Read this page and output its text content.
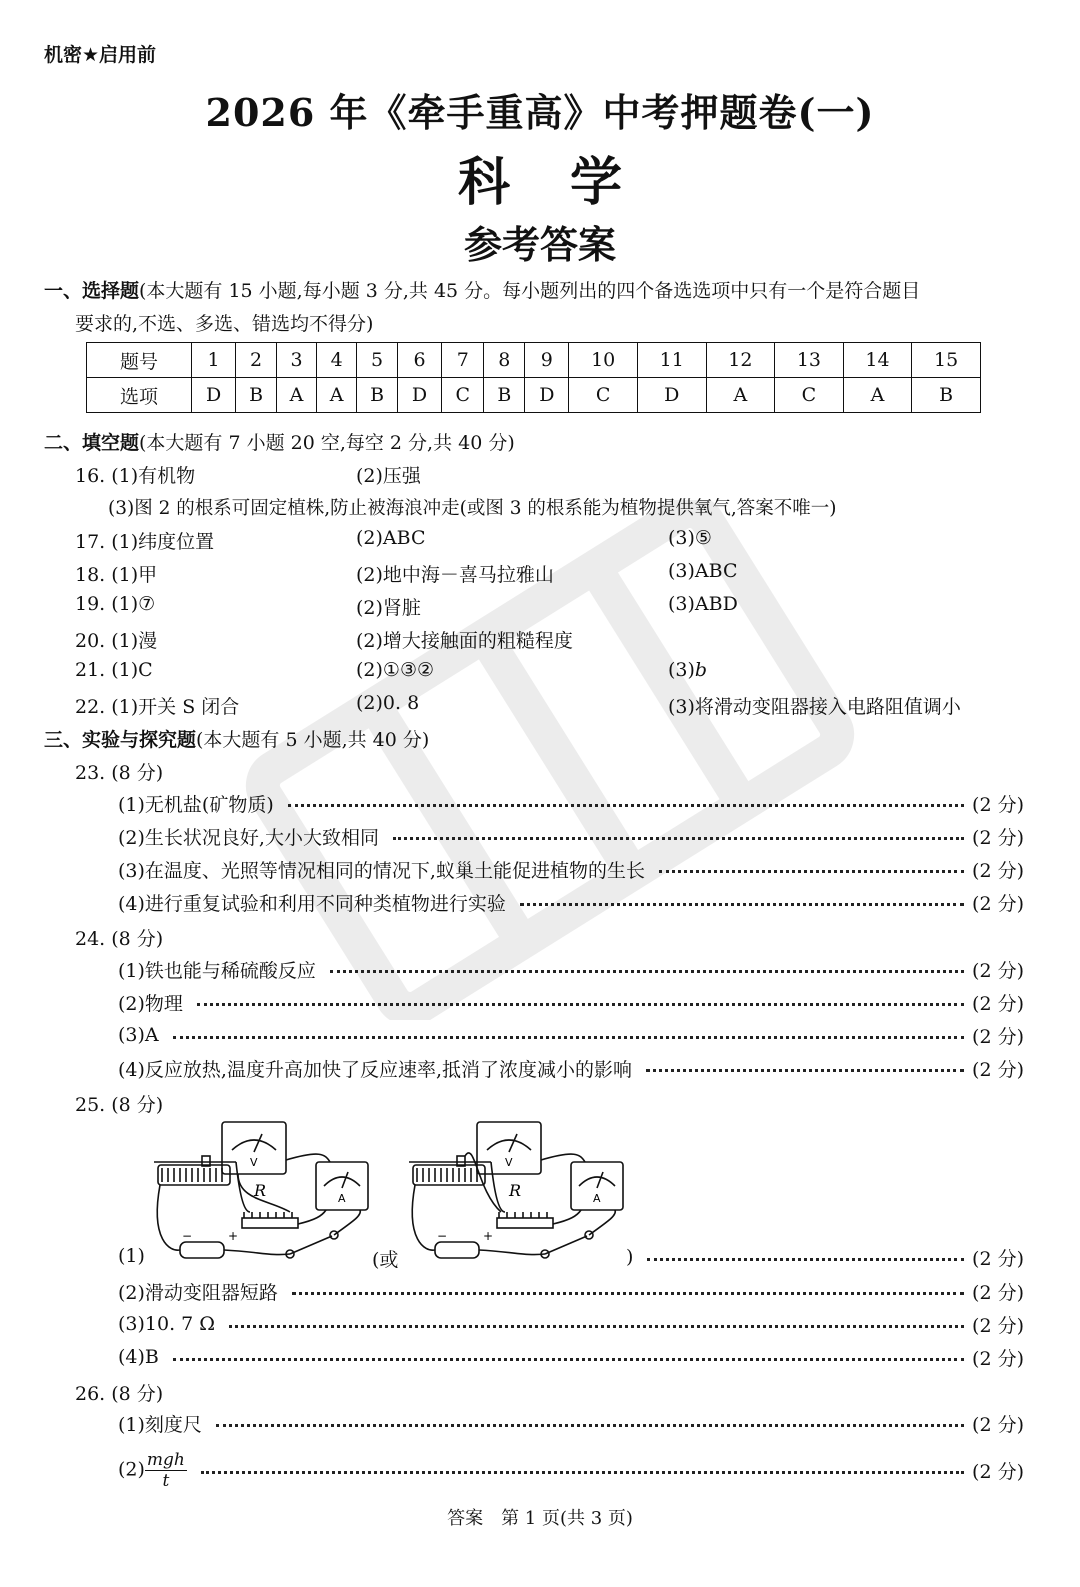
机密★启用前
2026 年《牵手重高》中考押题卷(一)
科学
参考答案
一、选择题(本大题有 15 小题,每小题 3 分,共 45 分。每小题列出的四个备选选项中只有一个是符合题目
要求的,不选、多选、错选均不得分)
题号	1	2	3	4	5	6	7	8	9	10	11	12	13	14	15
选项	D	B	A	A	B	D	C	B	D	C	D	A	C	A	B
二、填空题(本大题有 7 小题 20 空,每空 2 分,共 40 分)
16. (1)有机物	(2)压强
(3)图 2 的根系可固定植株,防止被海浪冲走(或图 3 的根系能为植物提供氧气,答案不唯一)
17. (1)纬度位置	(2)ABC	(3)⑤
18. (1)甲	(2)地中海－喜马拉雅山	(3)ABC
19. (1)⑦	(2)肾脏	(3)ABD
20. (1)漫	(2)增大接触面的粗糙程度
21. (1)C	(2)①③②	(3)b
22. (1)开关 S 闭合	(2)0. 8	(3)将滑动变阻器接入电路阻值调小
三、实验与探究题(本大题有 5 小题,共 40 分)
23. (8 分)
(1)无机盐(矿物质)	(2 分)
(2)生长状况良好,大小大致相同	(2 分)
(3)在温度、光照等情况相同的情况下,蚁巢土能促进植物的生长	(2 分)
(4)进行重复试验和利用不同种类植物进行实验	(2 分)
24. (8 分)
(1)铁也能与稀硫酸反应	(2 分)
(2)物理	(2 分)
(3)A	(2 分)
(4)反应放热,温度升高加快了反应速率,抵消了浓度减小的影响	(2 分)
25. (8 分)
R
V
A
−	+
R
V
A
−	+
(1)	(或	)	(2 分)
(2)滑动变阻器短路	(2 分)
(3)10. 7 Ω	(2 分)
(4)B	(2 分)
26. (8 分)
(1)刻度尺	(2 分)
$(2) \frac{\text{mgh}}{t}$	(2 分)
答案　第 1 页(共 3 页)
